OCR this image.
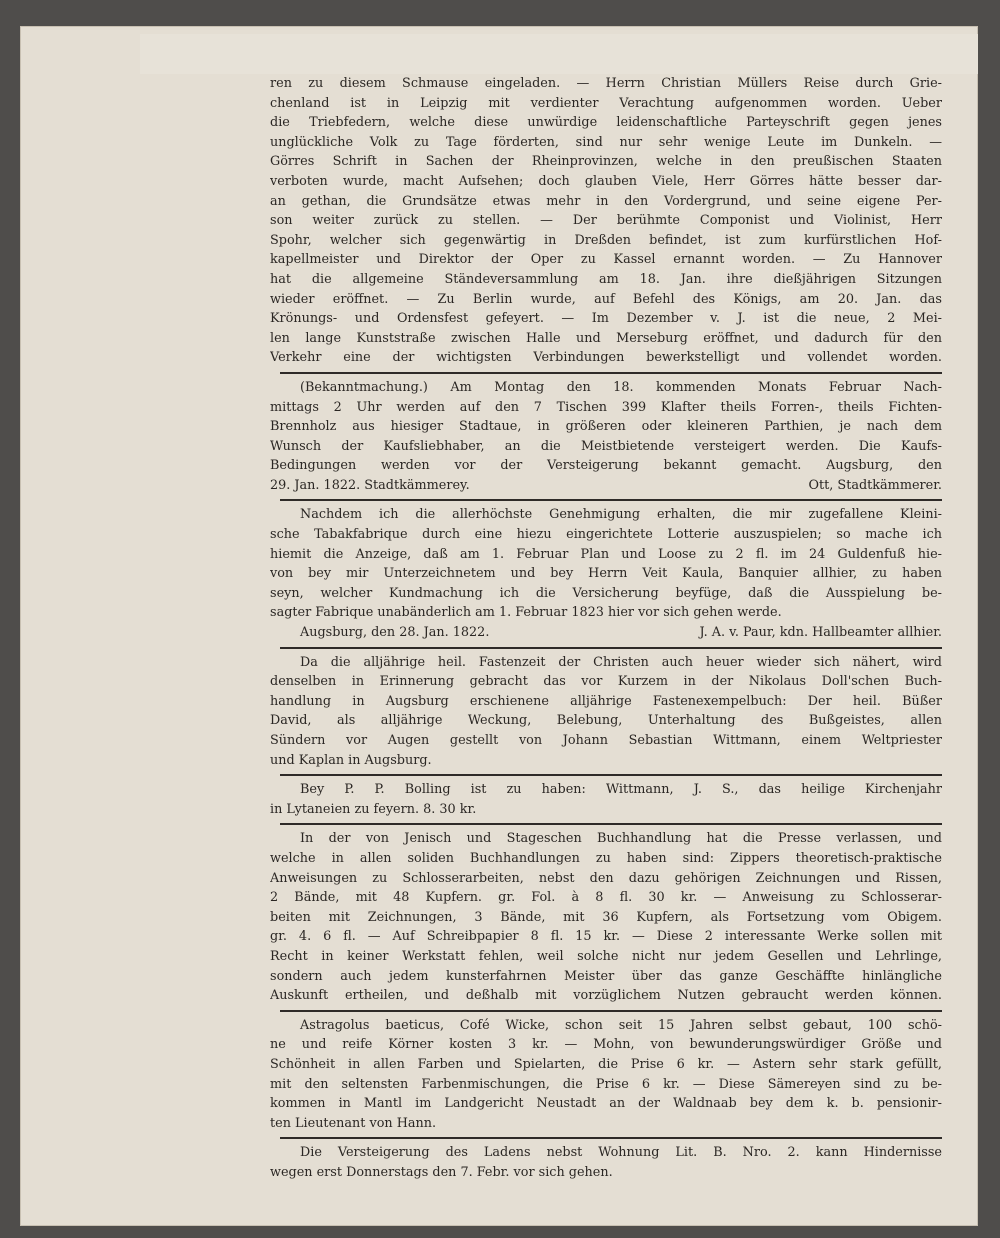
ren zu diesem Schmause eingeladen. — Herrn Christian Müllers Reise durch Grie-
chenland ist in Leipzig mit verdienter Verachtung aufgenommen worden. Ueber
die Triebfedern, welche diese unwürdige leidenschaftliche Parteyschrift gegen jenes
unglückliche Volk zu Tage förderten, sind nur sehr wenige Leute im Dunkeln. —
Görres Schrift in Sachen der Rheinprovinzen, welche in den preußischen Staaten
verboten wurde, macht Aufsehen; doch glauben Viele, Herr Görres hätte besser dar-
an gethan, die Grundsätze etwas mehr in den Vordergrund, und seine eigene Per-
son weiter zurück zu stellen. — Der berühmte Componist und Violinist, Herr
Spohr, welcher sich gegenwärtig in Dreßden befindet, ist zum kurfürstlichen Hof-
kapellmeister und Direktor der Oper zu Kassel ernannt worden. — Zu Hannover
hat die allgemeine Ständeversammlung am 18. Jan. ihre dießjährigen Sitzungen
wieder eröffnet. — Zu Berlin wurde, auf Befehl des Königs, am 20. Jan. das
Krönungs- und Ordensfest gefeyert. — Im Dezember v. J. ist die neue, 2 Mei-
len lange Kunststraße zwischen Halle und Merseburg eröffnet, und dadurch für den
Verkehr eine der wichtigsten Verbindungen bewerkstelligt und vollendet worden.
(Bekanntmachung.) Am Montag den 18. kommenden Monats Februar Nach-
mittags 2 Uhr werden auf den 7 Tischen 399 Klafter theils Forren-, theils Fichten-
Brennholz aus hiesiger Stadtaue, in größeren oder kleineren Parthien, je nach dem
Wunsch der Kaufsliebhaber, an die Meistbietende versteigert werden. Die Kaufs-
Bedingungen werden vor der Versteigerung bekannt gemacht. Augsburg, den
29. Jan. 1822. Stadtkämmerey.	Ott, Stadtkämmerer.
Nachdem ich die allerhöchste Genehmigung erhalten, die mir zugefallene Kleini-
sche Tabakfabrique durch eine hiezu eingerichtete Lotterie auszuspielen; so mache ich
hiemit die Anzeige, daß am 1. Februar Plan und Loose zu 2 fl. im 24 Guldenfuß hie-
von bey mir Unterzeichnetem und bey Herrn Veit Kaula, Banquier allhier, zu haben
seyn, welcher Kundmachung ich die Versicherung beyfüge, daß die Ausspielung be-
sagter Fabrique unabänderlich am 1. Februar 1823 hier vor sich gehen werde.
Augsburg, den 28. Jan. 1822.	J. A. v. Paur, kdn. Hallbeamter allhier.
Da die alljährige heil. Fastenzeit der Christen auch heuer wieder sich nähert, wird
denselben in Erinnerung gebracht das vor Kurzem in der Nikolaus Doll'schen Buch-
handlung in Augsburg erschienene alljährige Fastenexempelbuch: Der heil. Büßer
David, als alljährige Weckung, Belebung, Unterhaltung des Bußgeistes, allen
Sündern vor Augen gestellt von Johann Sebastian Wittmann, einem Weltpriester
und Kaplan in Augsburg.
Bey P. P. Bolling ist zu haben: Wittmann, J. S., das heilige Kirchenjahr
in Lytaneien zu feyern. 8. 30 kr.
In der von Jenisch und Stageschen Buchhandlung hat die Presse verlassen, und
welche in allen soliden Buchhandlungen zu haben sind: Zippers theoretisch-praktische
Anweisungen zu Schlosserarbeiten, nebst den dazu gehörigen Zeichnungen und Rissen,
2 Bände, mit 48 Kupfern. gr. Fol. à 8 fl. 30 kr. — Anweisung zu Schlosserar-
beiten mit Zeichnungen, 3 Bände, mit 36 Kupfern, als Fortsetzung vom Obigem.
gr. 4. 6 fl. — Auf Schreibpapier 8 fl. 15 kr. — Diese 2 interessante Werke sollen mit
Recht in keiner Werkstatt fehlen, weil solche nicht nur jedem Gesellen und Lehrlinge,
sondern auch jedem kunsterfahrnen Meister über das ganze Geschäffte hinlängliche
Auskunft ertheilen, und deßhalb mit vorzüglichem Nutzen gebraucht werden können.
Astragolus baeticus, Cofé Wicke, schon seit 15 Jahren selbst gebaut, 100 schö-
ne und reife Körner kosten 3 kr. — Mohn, von bewunderungswürdiger Größe und
Schönheit in allen Farben und Spielarten, die Prise 6 kr. — Astern sehr stark gefüllt,
mit den seltensten Farbenmischungen, die Prise 6 kr. — Diese Sämereyen sind zu be-
kommen in Mantl im Landgericht Neustadt an der Waldnaab bey dem k. b. pensionir-
ten Lieutenant von Hann.
Die Versteigerung des Ladens nebst Wohnung Lit. B. Nro. 2. kann Hindernisse
wegen erst Donnerstags den 7. Febr. vor sich gehen.
